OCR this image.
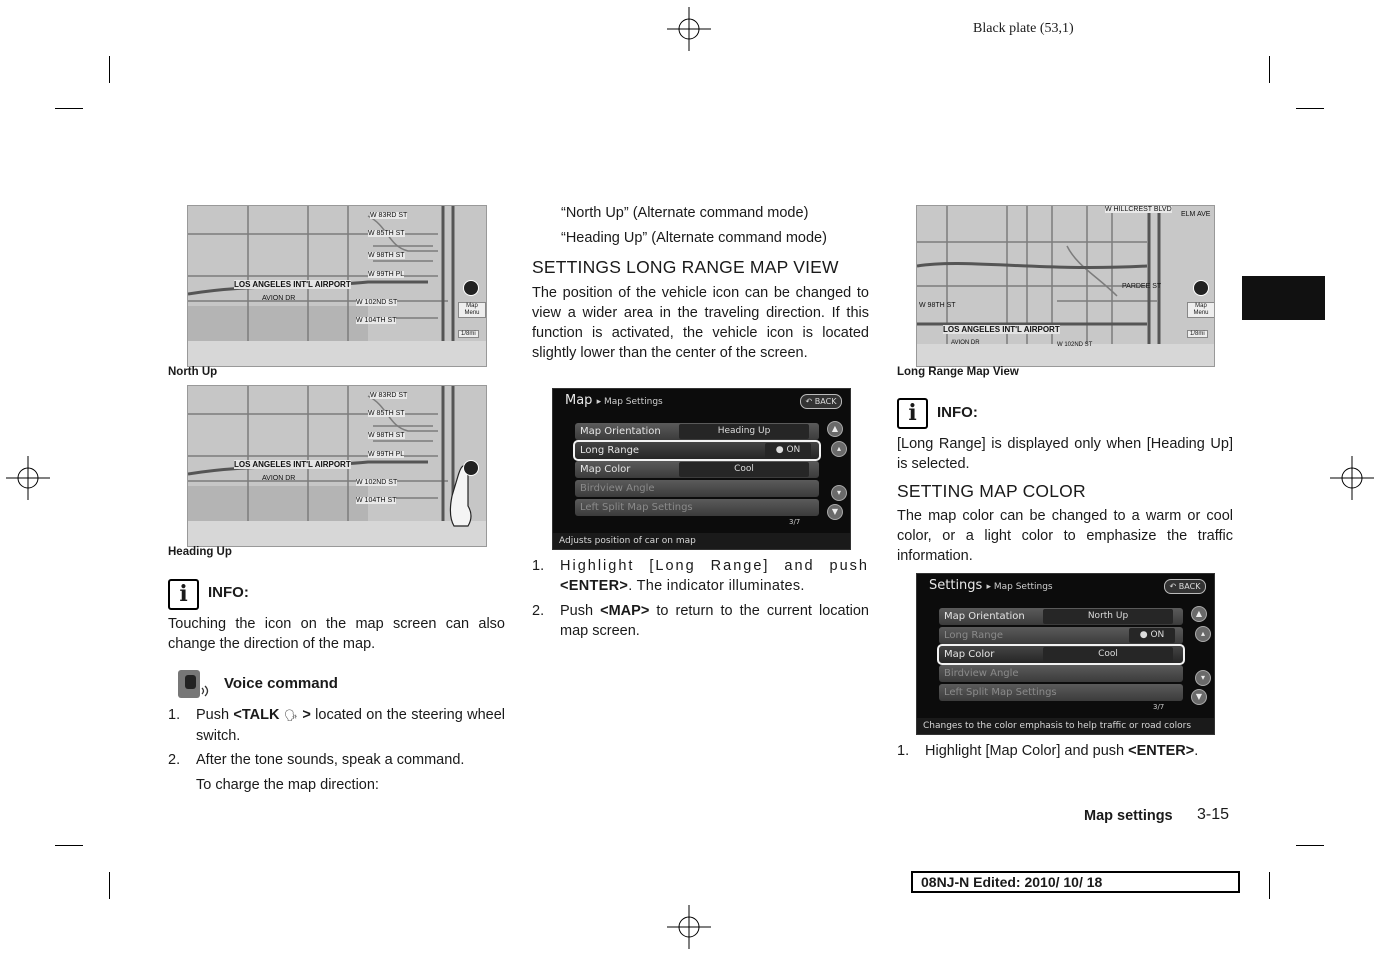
Black plate (53,1)
LOS ANGELES INT'L AIRPORT
AVION DR
W 83RD ST
W 85TH ST
W 98TH ST
W 99TH PL
W 102ND ST
W 104TH ST
Map Menu
1/8mi
North Up
LOS ANGELES INT'L AIRPORT
AVION DR
W 83RD ST
W 85TH ST
W 98TH ST
W 99TH PL
W 102ND ST
W 104TH ST
Heading Up
i	INFO:
Touching the icon on the map screen can also change the direction of the map.
Voice command
1. Push <TALK 🗣 > located on the steering wheel switch.
2. After the tone sounds, speak a command.
To charge the map direction:
“North Up” (Alternate command mode)
“Heading Up” (Alternate command mode)
SETTINGS LONG RANGE MAP VIEW
The position of the vehicle icon can be changed to view a wider area in the traveling direction. If this function is activated, the vehicle icon is located slightly lower than the center of the screen.
Map ▸ Map Settings	↶ BACK
Map Orientation	Heading Up
Long Range	● ON
Map Color	Cool
Birdview Angle
Left Split Map Settings
▲
▴
▾
▼
3/7
Adjusts position of car on map
1. Highlight [Long Range] and push <ENTER>. The indicator illuminates.
2. Push <MAP> to return to the current location map screen.
W HILLCREST BLVD
ELM AVE
W 98TH ST
LOS ANGELES INT'L AIRPORT
AVION DR	W 102ND ST
PARDEE ST
Map Menu
1/8mi
Long Range Map View
i	INFO:
[Long Range] is displayed only when [Heading Up] is selected.
SETTING MAP COLOR
The map color can be changed to a warm or cool color, or a light color to emphasize the traffic information.
Settings ▸ Map Settings	↶ BACK
Map Orientation	North Up
Long Range	● ON
Map Color	Cool
Birdview Angle
Left Split Map Settings
▲
▴
▾
▼
3/7
Changes to the color emphasis to help traffic or road colors
1. Highlight [Map Color] and push <ENTER>.
Map settings 3-15
08NJ-N Edited: 2010/ 10/ 18
